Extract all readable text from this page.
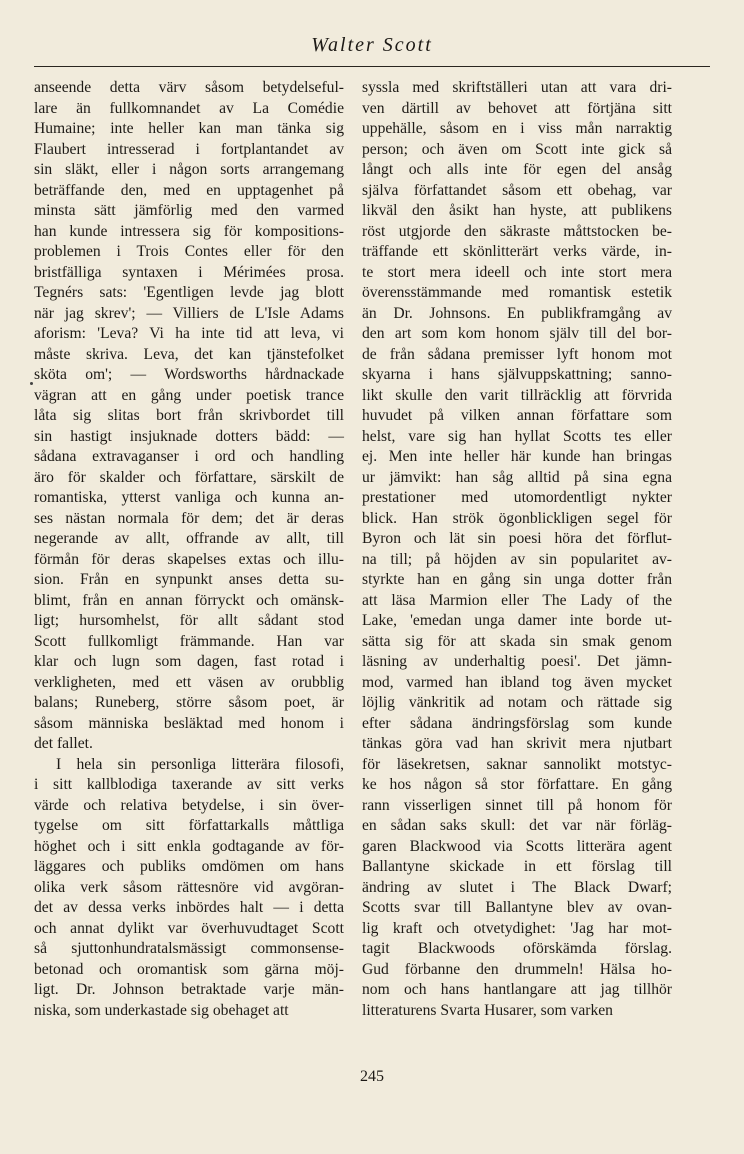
Walter Scott
anseende detta värv såsom betydelseful-
lare än fullkomnandet av La Comédie
Humaine; inte heller kan man tänka sig
Flaubert intresserad i fortplantandet av
sin släkt, eller i någon sorts arrangemang
beträffande den, med en upptagenhet på
minsta sätt jämförlig med den varmed
han kunde intressera sig för kompositions-
problemen i Trois Contes eller för den
bristfälliga syntaxen i Mérimées prosa.
Tegnérs sats: 'Egentligen levde jag blott
när jag skrev'; — Villiers de L'Isle Adams
aforism: 'Leva? Vi ha inte tid att leva, vi
måste skriva. Leva, det kan tjänstefolket
sköta om'; — Wordsworths hårdnackade
vägran att en gång under poetisk trance
låta sig slitas bort från skrivbordet till
sin hastigt insjuknade dotters bädd: —
sådana extravaganser i ord och handling
äro för skalder och författare, särskilt de
romantiska, ytterst vanliga och kunna an-
ses nästan normala för dem; det är deras
negerande av allt, offrande av allt, till
förmån för deras skapelses extas och illu-
sion. Från en synpunkt anses detta su-
blimt, från en annan förryckt och omänsk-
ligt; hursomhelst, för allt sådant stod
Scott fullkomligt främmande. Han var
klar och lugn som dagen, fast rotad i
verkligheten, med ett väsen av orubblig
balans; Runeberg, större såsom poet, är
såsom människa besläktad med honom i
det fallet.
I hela sin personliga litterära filosofi,
i sitt kallblodiga taxerande av sitt verks
värde och relativa betydelse, i sin över-
tygelse om sitt författarkalls måttliga
höghet och i sitt enkla godtagande av för-
läggares och publiks omdömen om hans
olika verk såsom rättesnöre vid avgöran-
det av dessa verks inbördes halt — i detta
och annat dylikt var överhuvudtaget Scott
så sjuttonhundratalsmässigt commonsense-
betonad och oromantisk som gärna möj-
ligt. Dr. Johnson betraktade varje män-
niska, som underkastade sig obehaget att
syssla med skriftställeri utan att vara dri-
ven därtill av behovet att förtjäna sitt
uppehälle, såsom en i viss mån narraktig
person; och även om Scott inte gick så
långt och alls inte för egen del ansåg
själva författandet såsom ett obehag, var
likväl den åsikt han hyste, att publikens
röst utgjorde den säkraste måttstocken be-
träffande ett skönlitterärt verks värde, in-
te stort mera ideell och inte stort mera
överensstämmande med romantisk estetik
än Dr. Johnsons. En publikframgång av
den art som kom honom själv till del bor-
de från sådana premisser lyft honom mot
skyarna i hans självuppskattning; sanno-
likt skulle den varit tillräcklig att förvrida
huvudet på vilken annan författare som
helst, vare sig han hyllat Scotts tes eller
ej. Men inte heller här kunde han bringas
ur jämvikt: han såg alltid på sina egna
prestationer med utomordentligt nykter
blick. Han strök ögonblickligen segel för
Byron och lät sin poesi höra det förflut-
na till; på höjden av sin popularitet av-
styrkte han en gång sin unga dotter från
att läsa Marmion eller The Lady of the
Lake, 'emedan unga damer inte borde ut-
sätta sig för att skada sin smak genom
läsning av underhaltig poesi'. Det jämn-
mod, varmed han ibland tog även mycket
löjlig vänkritik ad notam och rättade sig
efter sådana ändringsförslag som kunde
tänkas göra vad han skrivit mera njutbart
för läsekretsen, saknar sannolikt motstyc-
ke hos någon så stor författare. En gång
rann visserligen sinnet till på honom för
en sådan saks skull: det var när förläg-
garen Blackwood via Scotts litterära agent
Ballantyne skickade in ett förslag till
ändring av slutet i The Black Dwarf;
Scotts svar till Ballantyne blev av ovan-
lig kraft och otvetydighet: 'Jag har mot-
tagit Blackwoods oförskämda förslag.
Gud förbanne den drummeln! Hälsa ho-
nom och hans hantlangare att jag tillhör
litteraturens Svarta Husarer, som varken
245
